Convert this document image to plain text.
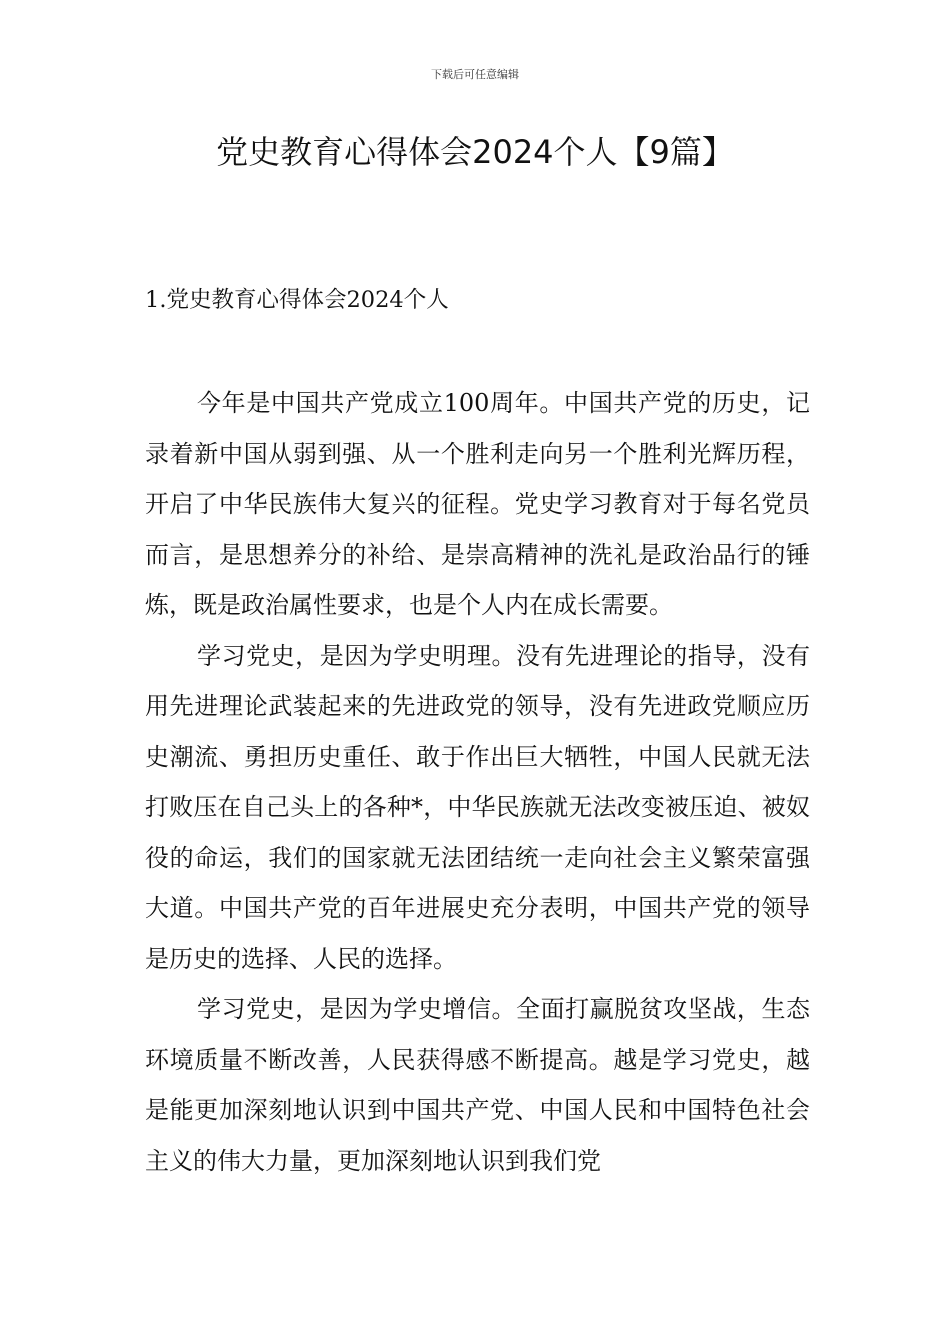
下载后可任意编辑
党史教育心得体会2024个人【9篇】
1.党史教育心得体会2024个人

今年是中国共产党成立100周年。中国共产党的历史，记录着新中国从弱到强、从一个胜利走向另一个胜利光辉历程，开启了中华民族伟大复兴的征程。党史学习教育对于每名党员而言，是思想养分的补给、是崇高精神的洗礼是政治品行的锤炼，既是政治属性要求，也是个人内在成长需要。

学习党史，是因为学史明理。没有先进理论的指导，没有用先进理论武装起来的先进政党的领导，没有先进政党顺应历史潮流、勇担历史重任、敢于作出巨大牺牲，中国人民就无法打败压在自己头上的各种*，中华民族就无法改变被压迫、被奴役的命运，我们的国家就无法团结统一走向社会主义繁荣富强大道。中国共产党的百年进展史充分表明，中国共产党的领导是历史的选择、人民的选择。

学习党史，是因为学史增信。全面打赢脱贫攻坚战，生态环境质量不断改善，人民获得感不断提高。越是学习党史，越是能更加深刻地认识到中国共产党、中国人民和中国特色社会主义的伟大力量，更加深刻地认识到我们党
